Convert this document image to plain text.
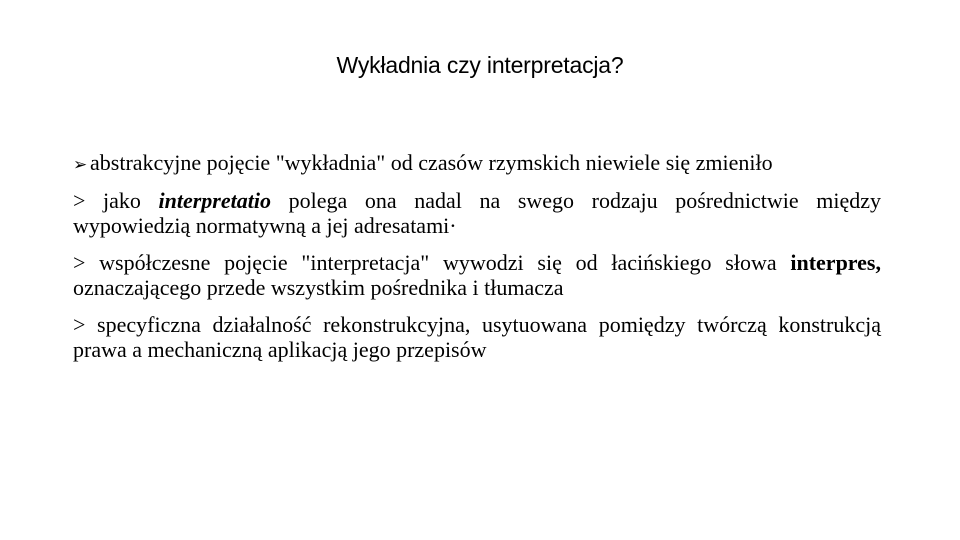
Wykładnia czy interpretacja?

➢ abstrakcyjne pojęcie "wykładnia" od czasów rzymskich niewiele się zmieniło

> jako interpretatio polega ona nadal na swego rodzaju pośrednictwie między wypowiedzią normatywną a jej adresatami·

> współczesne pojęcie "interpretacja" wywodzi się od łacińskiego słowa interpres, oznaczającego przede wszystkim pośrednika i tłumacza

> specyficzna działalność rekonstrukcyjna, usytuowana pomiędzy twórczą konstrukcją prawa a mechaniczną aplikacją jego przepisów
